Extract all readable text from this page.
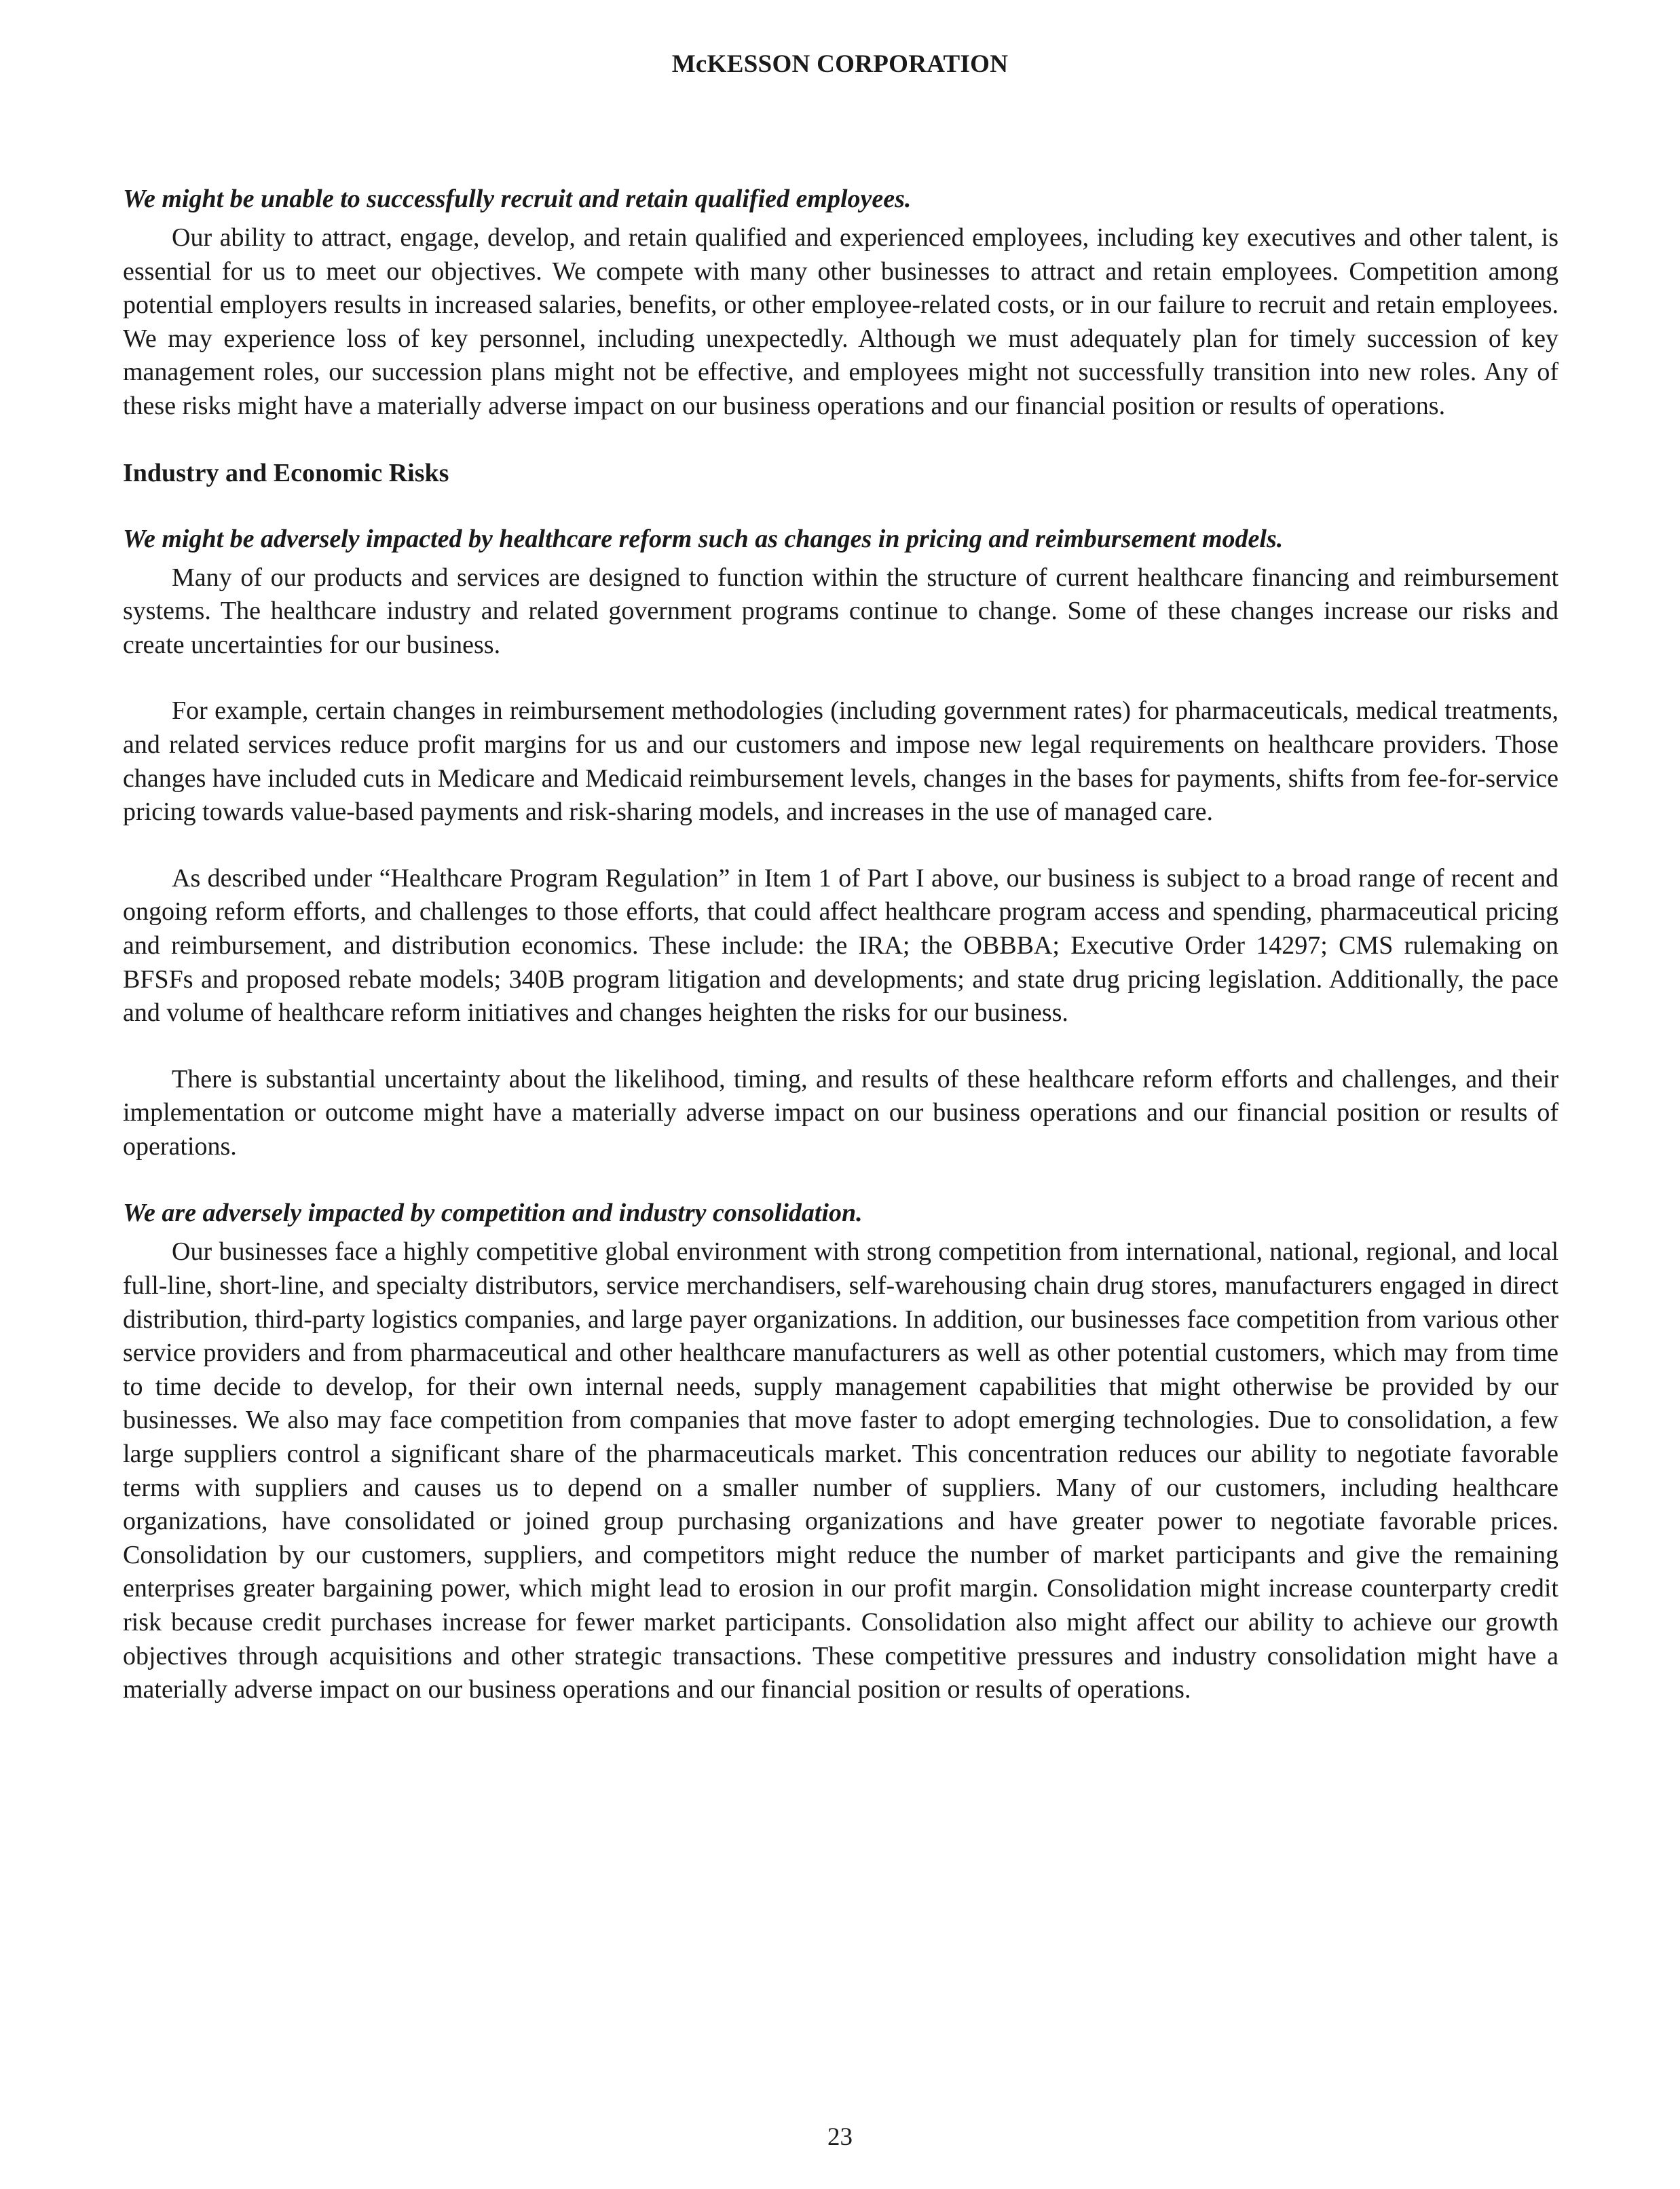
McKESSON CORPORATION
We might be unable to successfully recruit and retain qualified employees.

Our ability to attract, engage, develop, and retain qualified and experienced employees, including key executives and other talent, is essential for us to meet our objectives. We compete with many other businesses to attract and retain employees. Competition among potential employers results in increased salaries, benefits, or other employee-related costs, or in our failure to recruit and retain employees. We may experience loss of key personnel, including unexpectedly. Although we must adequately plan for timely succession of key management roles, our succession plans might not be effective, and employees might not successfully transition into new roles. Any of these risks might have a materially adverse impact on our business operations and our financial position or results of operations.

Industry and Economic Risks
We might be adversely impacted by healthcare reform such as changes in pricing and reimbursement models.

Many of our products and services are designed to function within the structure of current healthcare financing and reimbursement systems. The healthcare industry and related government programs continue to change. Some of these changes increase our risks and create uncertainties for our business.

For example, certain changes in reimbursement methodologies (including government rates) for pharmaceuticals, medical treatments, and related services reduce profit margins for us and our customers and impose new legal requirements on healthcare providers. Those changes have included cuts in Medicare and Medicaid reimbursement levels, changes in the bases for payments, shifts from fee-for-service pricing towards value-based payments and risk-sharing models, and increases in the use of managed care.

As described under “Healthcare Program Regulation” in Item 1 of Part I above, our business is subject to a broad range of recent and ongoing reform efforts, and challenges to those efforts, that could affect healthcare program access and spending, pharmaceutical pricing and reimbursement, and distribution economics. These include: the IRA; the OBBBA; Executive Order 14297; CMS rulemaking on BFSFs and proposed rebate models; 340B program litigation and developments; and state drug pricing legislation. Additionally, the pace and volume of healthcare reform initiatives and changes heighten the risks for our business.

There is substantial uncertainty about the likelihood, timing, and results of these healthcare reform efforts and challenges, and their implementation or outcome might have a materially adverse impact on our business operations and our financial position or results of operations.

We are adversely impacted by competition and industry consolidation.

Our businesses face a highly competitive global environment with strong competition from international, national, regional, and local full-line, short-line, and specialty distributors, service merchandisers, self-warehousing chain drug stores, manufacturers engaged in direct distribution, third-party logistics companies, and large payer organizations. In addition, our businesses face competition from various other service providers and from pharmaceutical and other healthcare manufacturers as well as other potential customers, which may from time to time decide to develop, for their own internal needs, supply management capabilities that might otherwise be provided by our businesses. We also may face competition from companies that move faster to adopt emerging technologies. Due to consolidation, a few large suppliers control a significant share of the pharmaceuticals market. This concentration reduces our ability to negotiate favorable terms with suppliers and causes us to depend on a smaller number of suppliers. Many of our customers, including healthcare organizations, have consolidated or joined group purchasing organizations and have greater power to negotiate favorable prices. Consolidation by our customers, suppliers, and competitors might reduce the number of market participants and give the remaining enterprises greater bargaining power, which might lead to erosion in our profit margin. Consolidation might increase counterparty credit risk because credit purchases increase for fewer market participants. Consolidation also might affect our ability to achieve our growth objectives through acquisitions and other strategic transactions. These competitive pressures and industry consolidation might have a materially adverse impact on our business operations and our financial position or results of operations.

23
